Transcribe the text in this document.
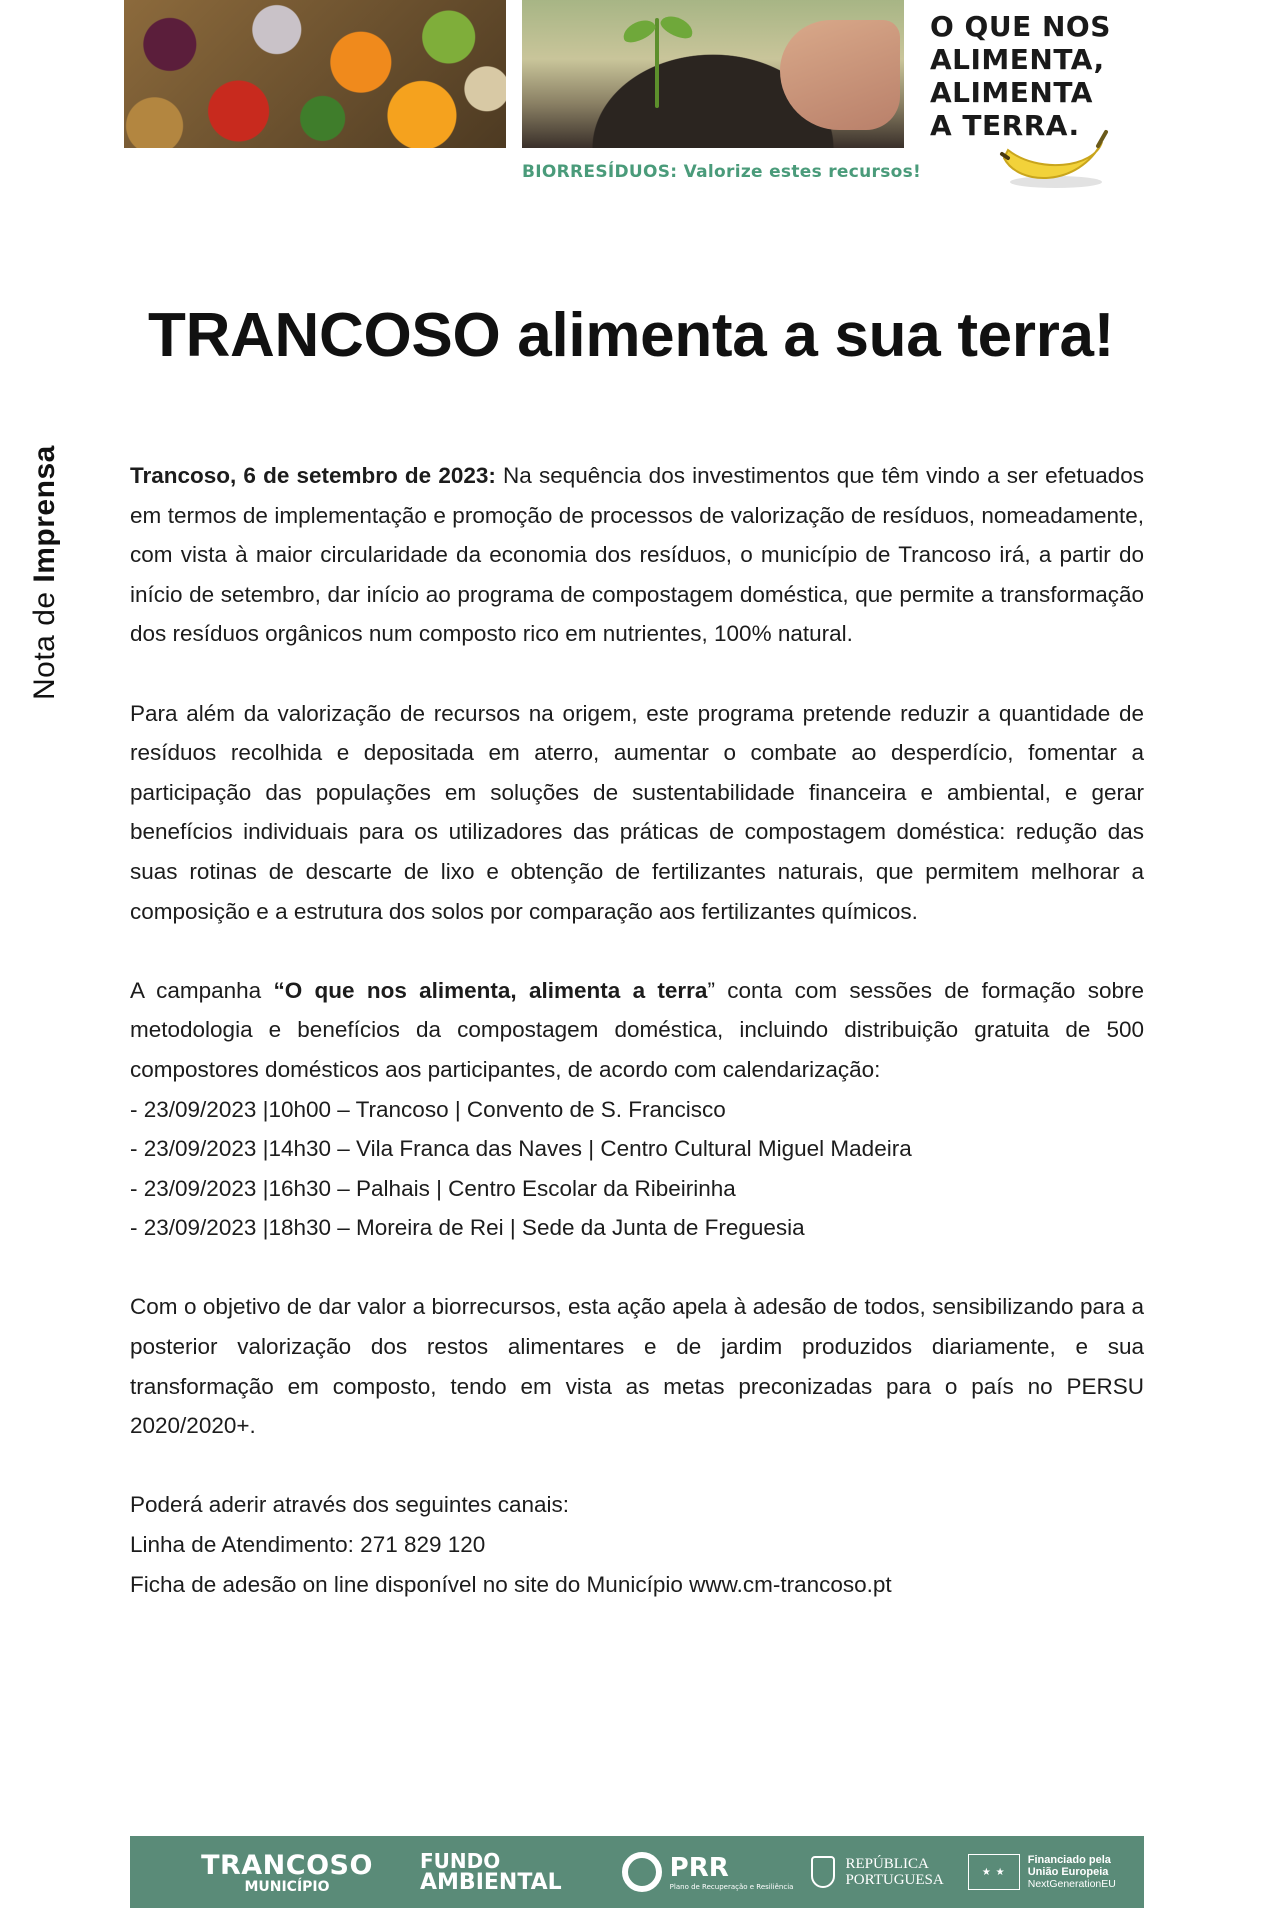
O QUE NOS
ALIMENTA,
ALIMENTA
A TERRA.
BIORRESÍDUOS: Valorize estes recursos!
Nota de Imprensa
TRANCOSO alimenta a sua terra!

Trancoso, 6 de setembro de 2023: Na sequência dos investimentos que têm vindo a ser efetuados em termos de implementação e promoção de processos de valorização de resíduos, nomeadamente, com vista à maior circularidade da economia dos resíduos, o município de Trancoso irá, a partir do início de setembro, dar início ao programa de compostagem doméstica, que permite a transformação dos resíduos orgânicos num composto rico em nutrientes, 100% natural.

Para além da valorização de recursos na origem, este programa pretende reduzir a quantidade de resíduos recolhida e depositada em aterro, aumentar o combate ao desperdício, fomentar a participação das populações em soluções de sustentabilidade financeira e ambiental, e gerar benefícios individuais para os utilizadores das práticas de compostagem doméstica: redução das suas rotinas de descarte de lixo e obtenção de fertilizantes naturais, que permitem melhorar a composição e a estrutura dos solos por comparação aos fertilizantes químicos.

A campanha “O que nos alimenta, alimenta a terra” conta com sessões de formação sobre metodologia e benefícios da compostagem doméstica, incluindo distribuição gratuita de 500 compostores domésticos aos participantes, de acordo com calendarização:

- 23/09/2023 |10h00 – Trancoso | Convento de S. Francisco
- 23/09/2023 |14h30 – Vila Franca das Naves | Centro Cultural Miguel Madeira
- 23/09/2023 |16h30 – Palhais | Centro Escolar da Ribeirinha
- 23/09/2023 |18h30 – Moreira de Rei | Sede da Junta de Freguesia

Com o objetivo de dar valor a biorrecursos, esta ação apela à adesão de todos, sensibilizando para a posterior valorização dos restos alimentares e de jardim produzidos diariamente, e sua transformação em composto, tendo em vista as metas preconizadas para o país no PERSU 2020/2020+.

Poderá aderir através dos seguintes canais:
Linha de Atendimento: 271 829 120
Ficha de adesão on line disponível no site do Município www.cm-trancoso.pt
TRANCOSO
MUNICÍPIO
FUNDO
AMBIENTAL	PRR
Plano de Recuperação e Resiliência
REPÚBLICA
PORTUGUESA	★ ★

Financiado pela
União Europeia
NextGenerationEU
